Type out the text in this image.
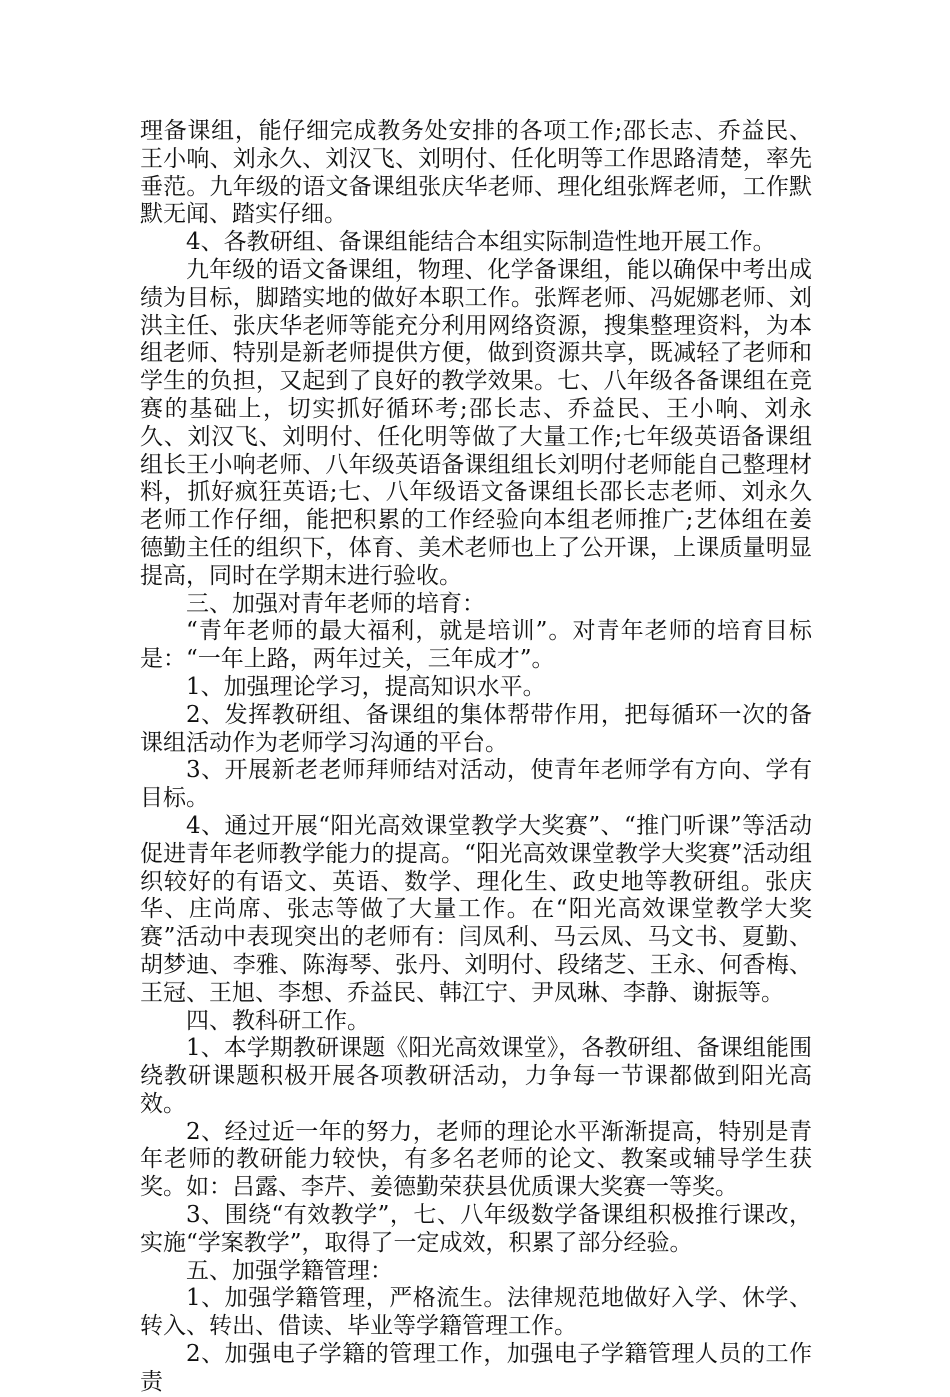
理备课组，能仔细完成教务处安排的各项工作;邵长志、乔益民、王小响、刘永久、刘汉飞、刘明付、任化明等工作思路清楚，率先垂范。九年级的语文备课组张庆华老师、理化组张辉老师，工作默默无闻、踏实仔细。

4、各教研组、备课组能结合本组实际制造性地开展工作。

九年级的语文备课组，物理、化学备课组，能以确保中考出成绩为目标，脚踏实地的做好本职工作。张辉老师、冯妮娜老师、刘洪主任、张庆华老师等能充分利用网络资源，搜集整理资料，为本组老师、特别是新老师提供方便，做到资源共享，既减轻了老师和学生的负担，又起到了良好的教学效果。七、八年级各备课组在竞赛的基础上，切实抓好循环考;邵长志、乔益民、王小响、刘永久、刘汉飞、刘明付、任化明等做了大量工作;七年级英语备课组组长王小响老师、八年级英语备课组组长刘明付老师能自己整理材料，抓好疯狂英语;七、八年级语文备课组长邵长志老师、刘永久老师工作仔细，能把积累的工作经验向本组老师推广;艺体组在姜德勤主任的组织下，体育、美术老师也上了公开课，上课质量明显提高，同时在学期末进行验收。

三、加强对青年老师的培育：

“青年老师的最大福利，就是培训”。对青年老师的培育目标是：“一年上路，两年过关，三年成才”。

1、加强理论学习，提高知识水平。

2、发挥教研组、备课组的集体帮带作用，把每循环一次的备课组活动作为老师学习沟通的平台。

3、开展新老老师拜师结对活动，使青年老师学有方向、学有目标。

4、通过开展“阳光高效课堂教学大奖赛”、“推门听课”等活动促进青年老师教学能力的提高。“阳光高效课堂教学大奖赛”活动组织较好的有语文、英语、数学、理化生、政史地等教研组。张庆华、庄尚席、张志等做了大量工作。在“阳光高效课堂教学大奖赛”活动中表现突出的老师有：闫凤利、马云凤、马文书、夏勤、胡梦迪、李雅、陈海琴、张丹、刘明付、段绪芝、王永、何香梅、王冠、王旭、李想、乔益民、韩江宁、尹凤琳、李静、谢振等。

四、教科研工作。

1、本学期教研课题《阳光高效课堂》，各教研组、备课组能围绕教研课题积极开展各项教研活动，力争每一节课都做到阳光高效。

2、经过近一年的努力，老师的理论水平渐渐提高，特别是青年老师的教研能力较快，有多名老师的论文、教案或辅导学生获奖。如：吕露、李芹、姜德勤荣获县优质课大奖赛一等奖。

3、围绕“有效教学”，七、八年级数学备课组积极推行课改，实施“学案教学”，取得了一定成效，积累了部分经验。

五、加强学籍管理：

1、加强学籍管理，严格流生。法律规范地做好入学、休学、转入、转出、借读、毕业等学籍管理工作。

2、加强电子学籍的管理工作，加强电子学籍管理人员的工作责
